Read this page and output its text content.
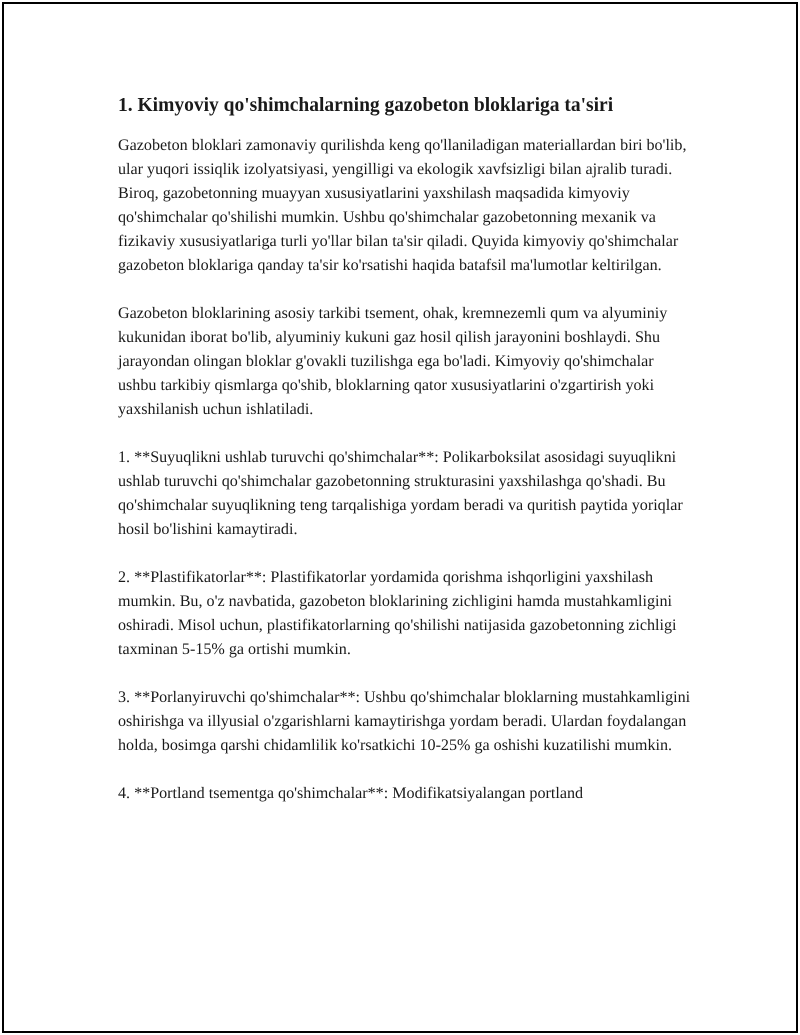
1. Kimyoviy qo'shimchalarning gazobeton bloklariga ta'siri

Gazobeton bloklari zamonaviy qurilishda keng qo'llaniladigan materiallardan biri bo'lib, ular yuqori issiqlik izolyatsiyasi, yengilligi va ekologik xavfsizligi bilan ajralib turadi. Biroq, gazobetonning muayyan xususiyatlarini yaxshilash maqsadida kimyoviy qo'shimchalar qo'shilishi mumkin. Ushbu qo'shimchalar gazobetonning mexanik va fizikaviy xususiyatlariga turli yo'llar bilan ta'sir qiladi. Quyida kimyoviy qo'shimchalar gazobeton bloklariga qanday ta'sir ko'rsatishi haqida batafsil ma'lumotlar keltirilgan.

Gazobeton bloklarining asosiy tarkibi tsement, ohak, kremnezemli qum va alyuminiy kukunidan iborat bo'lib, alyuminiy kukuni gaz hosil qilish jarayonini boshlaydi. Shu jarayondan olingan bloklar g'ovakli tuzilishga ega bo'ladi. Kimyoviy qo'shimchalar ushbu tarkibiy qismlarga qo'shib, bloklarning qator xususiyatlarini o'zgartirish yoki yaxshilanish uchun ishlatiladi.

1. **Suyuqlikni ushlab turuvchi qo'shimchalar**: Polikarboksilat asosidagi suyuqlikni ushlab turuvchi qo'shimchalar gazobetonning strukturasini yaxshilashga qo'shadi. Bu qo'shimchalar suyuqlikning teng tarqalishiga yordam beradi va quritish paytida yoriqlar hosil bo'lishini kamaytiradi.

2. **Plastifikatorlar**: Plastifikatorlar yordamida qorishma ishqorligini yaxshilash mumkin. Bu, o'z navbatida, gazobeton bloklarining zichligini hamda mustahkamligini oshiradi. Misol uchun, plastifikatorlarning qo'shilishi natijasida gazobetonning zichligi taxminan 5-15% ga ortishi mumkin.

3. **Porlanyiruvchi qo'shimchalar**: Ushbu qo'shimchalar bloklarning mustahkamligini oshirishga va illyusial o'zgarishlarni kamaytirishga yordam beradi. Ulardan foydalangan holda, bosimga qarshi chidamlilik ko'rsatkichi 10-25% ga oshishi kuzatilishi mumkin.

4. **Portland tsementga qo'shimchalar**: Modifikatsiyalangan portland
